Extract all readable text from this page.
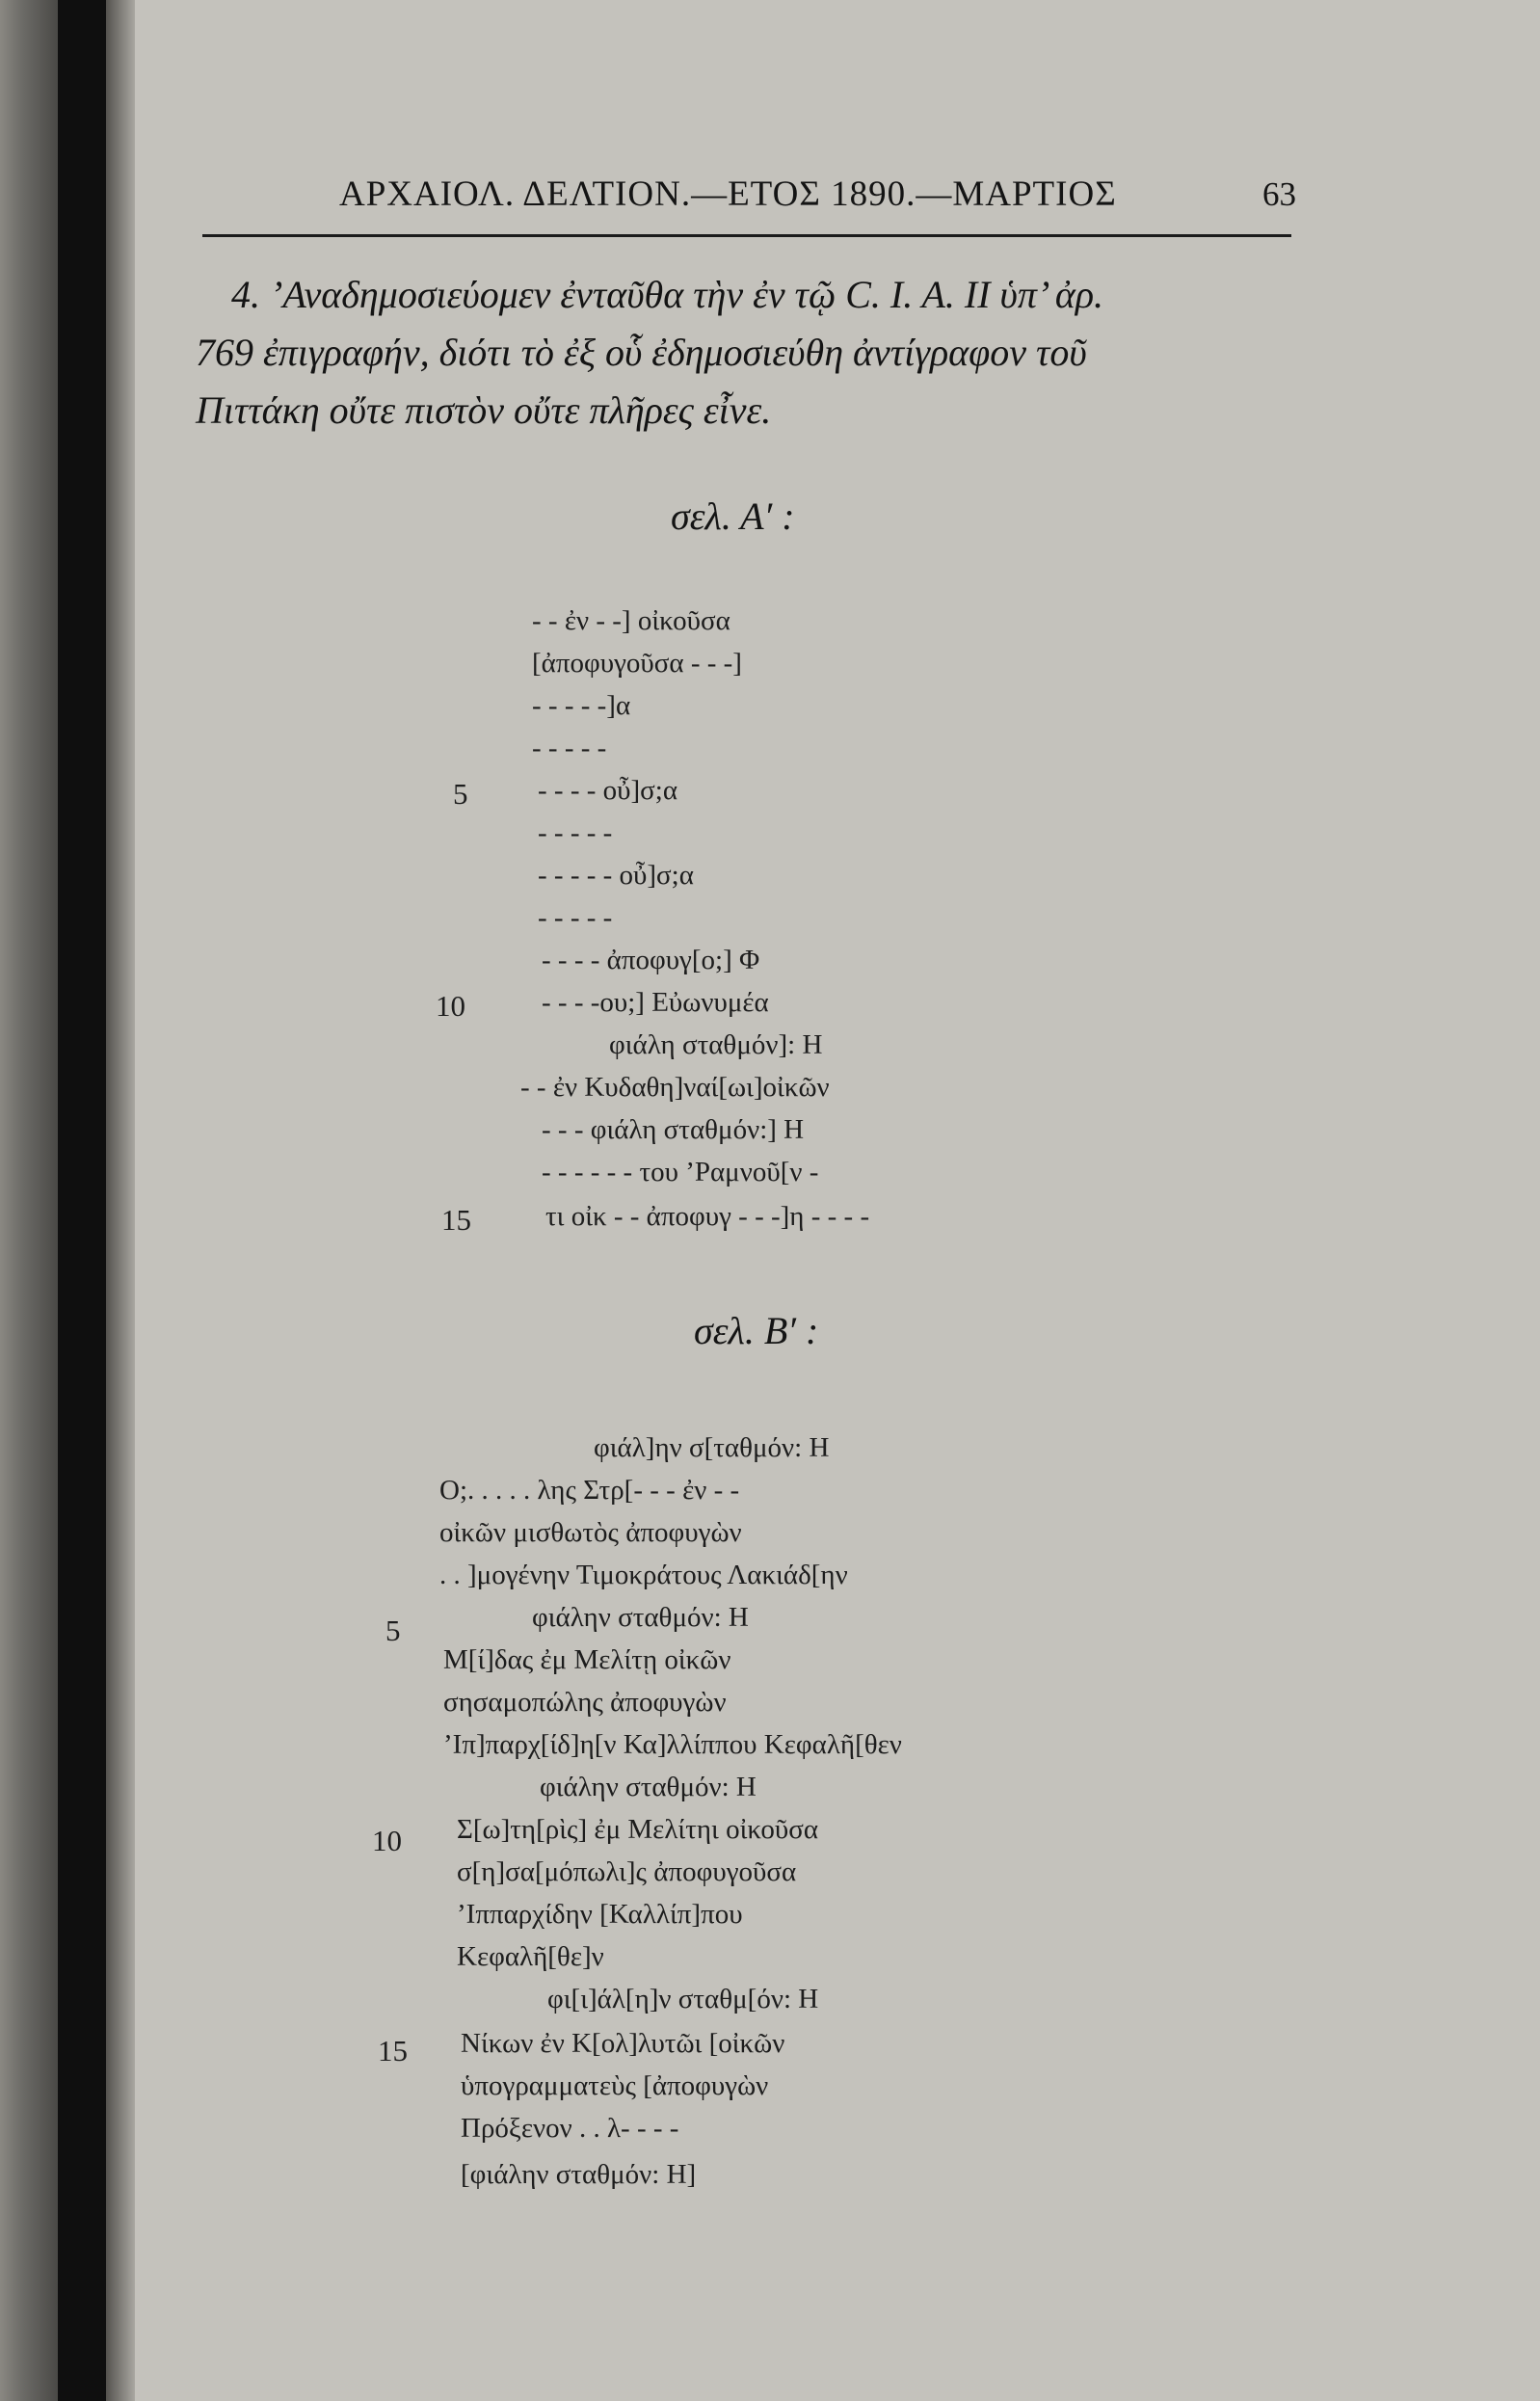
ΑΡΧΑΙΟΛ. ΔΕΛΤΙΟΝ.—ΕΤΟΣ 1890.—ΜΑΡΤΙΟΣ	63
4. ’Αναδημοσιεύομεν ἐνταῦθα τὴν ἐν τῷ C. I. A. II ὑπ’ ἀρ.
769 ἐπιγραφήν, διότι τὸ ἐξ οὗ ἐδημοσιεύθη ἀντίγραφον τοῦ
Πιττάκη οὔτε πιστὸν οὔτε πλῆρες εἶνε.
σελ. Α′ :
- - ἐν - -] οἰκοῦσα
[ἀποφυγοῦσα - - -]
- - - - -]α
- - - - -
- - - - οὖ]σ;α
- - - - -
- - - - - οὖ]σ;α
- - - - -
- - - - ἀποφυγ[ο;] Φ
- - - -ου;] Εὐωνυμέα
φιάλη σταθμόν]: Η
- - ἐν Κυδαθη]ναί[ωι]οἰκῶν
- - - φιάλη σταθμόν:] Η
- - - - - - του ’Ραμνοῦ[ν -
τι οἰκ - - ἀποφυγ - - -]η - - - -
5
10
15
σελ. Β′ :
φιάλ]ην σ[ταθμόν: Η
Ο;. . . . . λης Στρ[- - - ἐν - -
οἰκῶν μισθωτὸς ἀποφυγὼν
. . ]μογένην Τιμοκράτους Λακιάδ[ην
φιάλην σταθμόν: Η
Μ[ί]δας ἐμ Μελίτῃ οἰκῶν
σησαμοπώλης ἀποφυγὼν
’Ιπ]παρχ[ίδ]η[ν Κα]λλίππου Κεφαλῆ[θεν
φιάλην σταθμόν: Η
Σ[ω]τη[ρὶς] ἐμ Μελίτηι οἰκοῦσα
σ[η]σα[μόπωλι]ς ἀποφυγοῦσα
’Ιππαρχίδην [Καλλίπ]που
Κεφαλῆ[θε]ν
φι[ι]άλ[η]ν σταθμ[όν: Η
Νίκων ἐν Κ[ολ]λυτῶι [οἰκῶν
ὑπογραμματεὺς [ἀποφυγὼν
Πρόξενον . . λ- - - -
[φιάλην σταθμόν: Η]
5
10
15
